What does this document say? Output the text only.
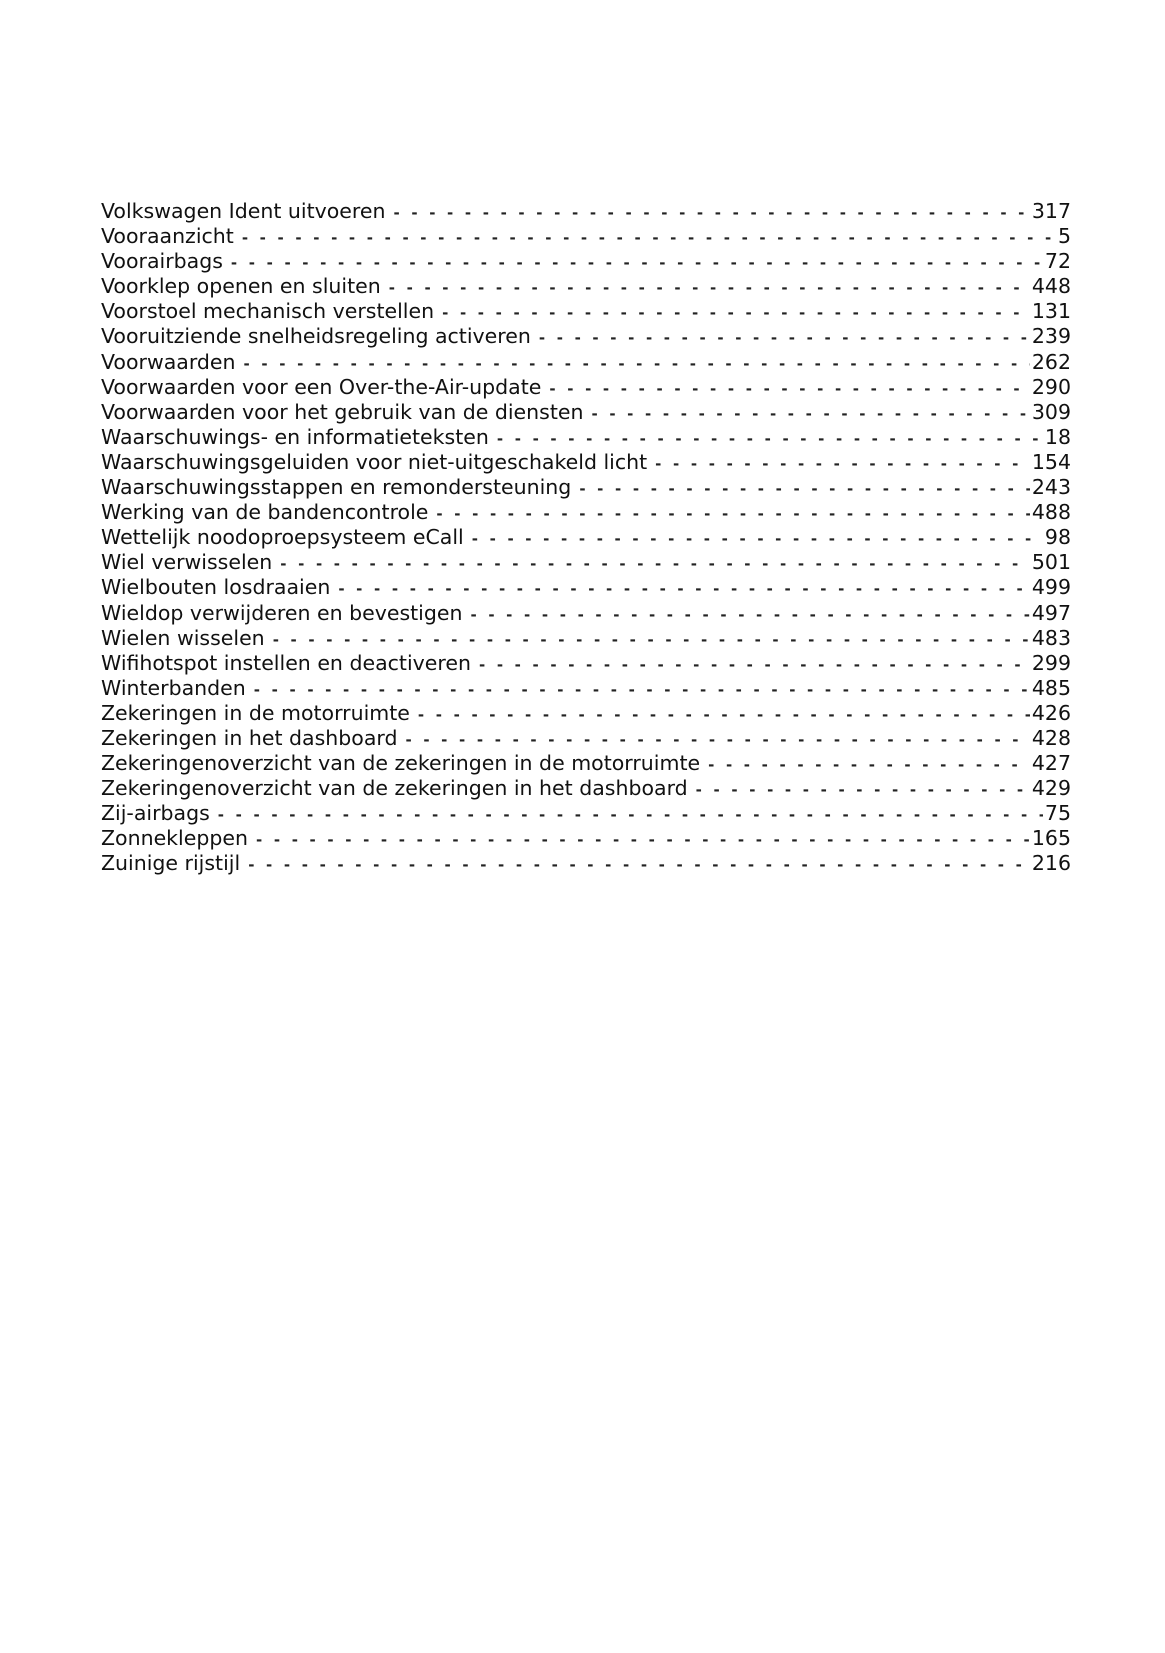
Volkswagen Ident uitvoeren - - -	317
Vooraanzicht - - -	5
Voorairbags - - -	72
Voorklep openen en sluiten - - -	448
Voorstoel mechanisch verstellen - - -	131
Vooruitziende snelheidsregeling activeren - - -	239
Voorwaarden - - -	262
Voorwaarden voor een Over-the-Air-update - - -	290
Voorwaarden voor het gebruik van de diensten - - -	309
Waarschuwings- en informatieteksten - - -	18
Waarschuwingsgeluiden voor niet-uitgeschakeld licht - - -	154
Waarschuwingsstappen en remondersteuning - - -	243
Werking van de bandencontrole - - -	488
Wettelijk noodoproepsysteem eCall - - -	98
Wiel verwisselen - - -	501
Wielbouten losdraaien - - -	499
Wieldop verwijderen en bevestigen - - -	497
Wielen wisselen - - -	483
Wifihotspot instellen en deactiveren - - -	299
Winterbanden - - -	485
Zekeringen in de motorruimte - - -	426
Zekeringen in het dashboard - - -	428
Zekeringenoverzicht van de zekeringen in de motorruimte - - -	427
Zekeringenoverzicht van de zekeringen in het dashboard - - -	429
Zij-airbags - - -	75
Zonnekleppen - - -	165
Zuinige rijstijl - - -	216
